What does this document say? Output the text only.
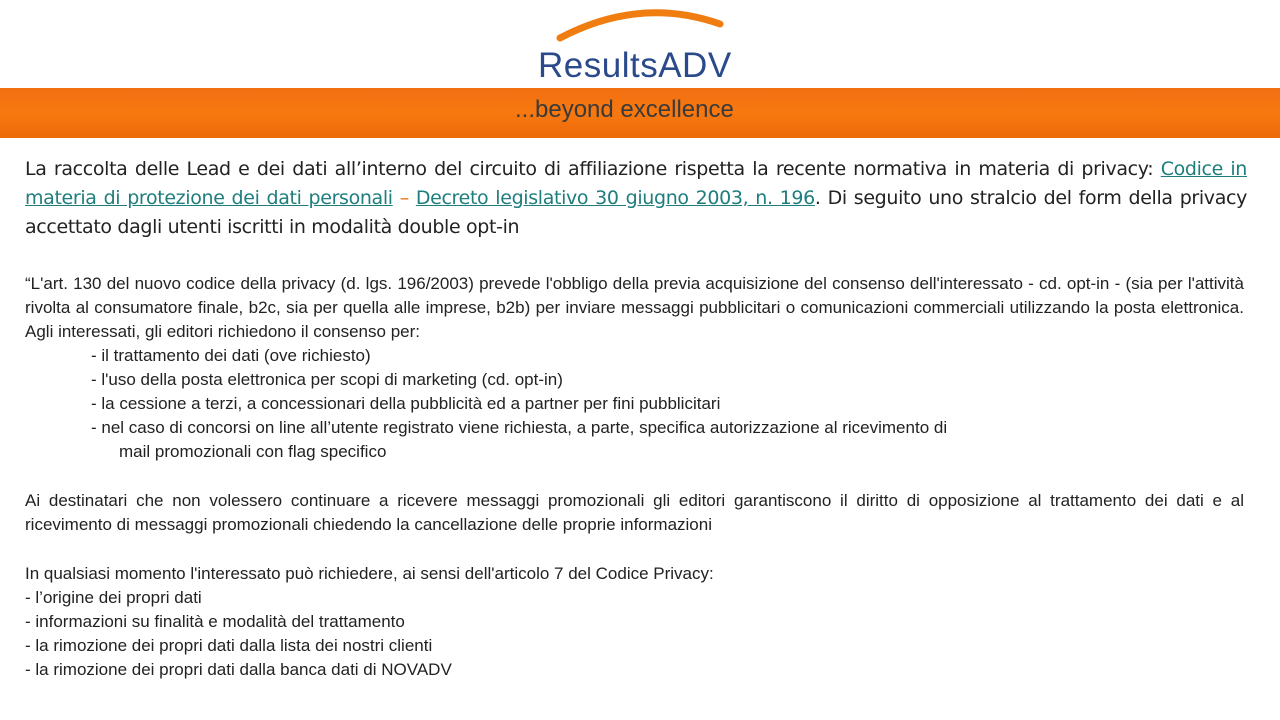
ResultsADV
...beyond excellence
La raccolta delle Lead e dei dati all’interno del circuito di affiliazione rispetta la recente normativa in materia di privacy: Codice in materia di protezione dei dati personali – Decreto legislativo 30 giugno 2003, n. 196. Di seguito uno stralcio del form della privacy accettato dagli utenti iscritti in modalità double opt-in

“L'art. 130 del nuovo codice della privacy (d. lgs. 196/2003) prevede l'obbligo della previa acquisizione del consenso dell'interessato - cd. opt-in - (sia per l'attività rivolta al consumatore finale, b2c, sia per quella alle imprese, b2b) per inviare messaggi pubblicitari o comunicazioni commerciali utilizzando la posta elettronica. Agli interessati, gli editori richiedono il consenso per:

- il trattamento dei dati (ove richiesto)
- l'uso della posta elettronica per scopi di marketing (cd. opt-in)
- la cessione a terzi, a concessionari della pubblicità ed a partner per fini pubblicitari
- nel caso di concorsi on line all’utente registrato viene richiesta, a parte, specifica autorizzazione al ricevimento di
mail promozionali con flag specifico
Ai destinatari che non volessero continuare a ricevere messaggi promozionali gli editori garantiscono il diritto di opposizione al trattamento dei dati e al ricevimento di messaggi promozionali chiedendo la cancellazione delle proprie informazioni

In qualsiasi momento l'interessato può richiedere, ai sensi dell'articolo 7 del Codice Privacy:

- l’origine dei propri dati
- informazioni su finalità e modalità del trattamento
- la rimozione dei propri dati dalla lista dei nostri clienti
- la rimozione dei propri dati dalla banca dati di NOVADV
